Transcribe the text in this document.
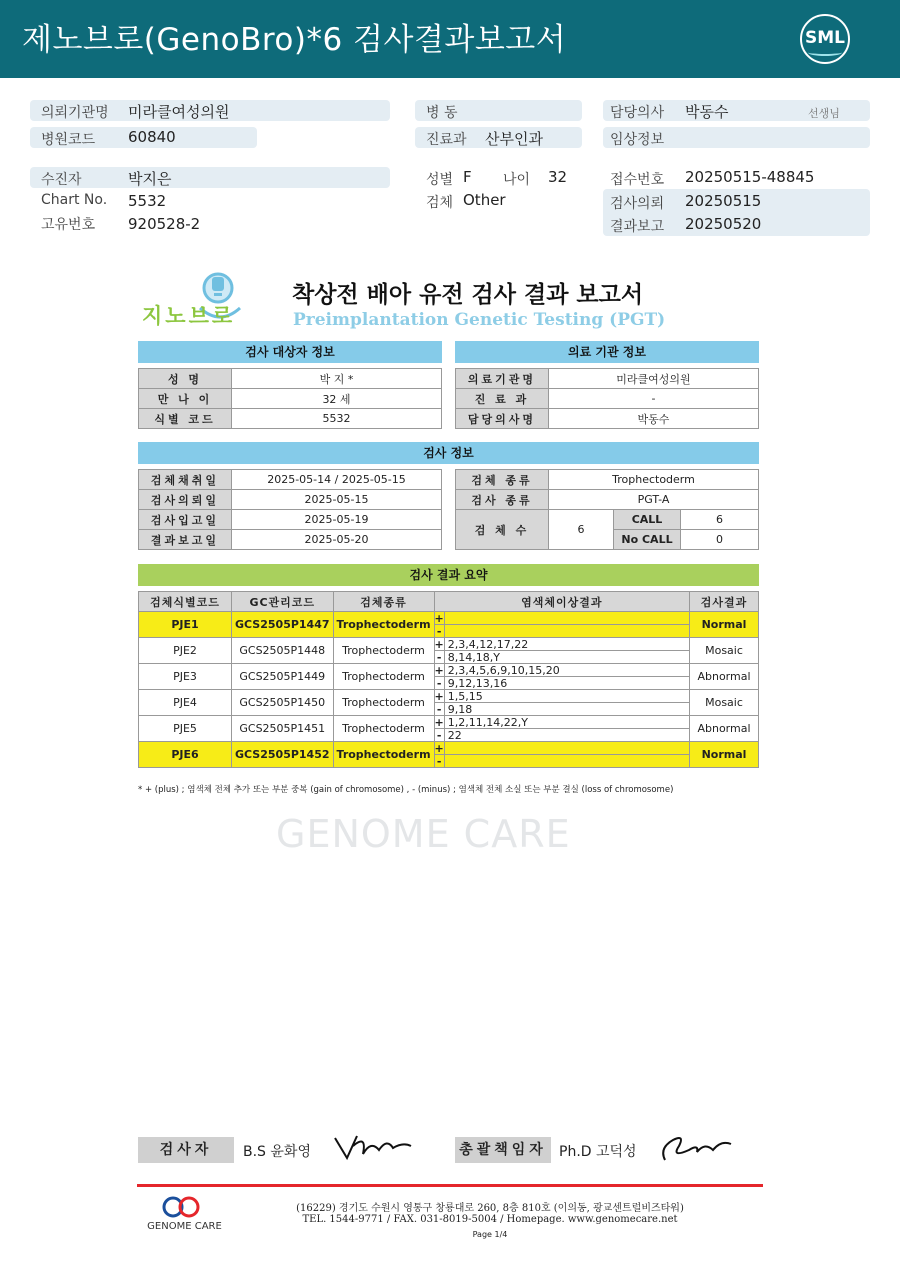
제노브로(GenoBro)*6 검사결과보고서	SML
의뢰기관명 미라클여성의원
병원코드 60840
수진자	박지은
Chart No. 5532
고유번호 920528-2
병 동
진료과 산부인과
성별 F 나이 32
검체 Other
담당의사 박동수	선생님
임상정보
접수번호 20250515-48845
검사의뢰 20250515
결과보고 20250520
지노브로
착상전 배아 유전 검사 결과 보고서
Preimplantation Genetic Testing (PGT)
검사 대상자 정보	의료 기관 정보
성 명	박 지 *
만 나 이	32 세
식별 코드	5532
의료기관명	미라클여성의원
진 료 과	-
담당의사명	박동수
검사 정보
검체채취일	2025-05-14 / 2025-05-15
검사의뢰일	2025-05-15
검사입고일	2025-05-19
결과보고일	2025-05-20
검체 종류	Trophectoderm		
검사 종류	PGT-A		
검 체 수	6	CALL	6
		No CALL	0
검사 결과 요약
검체식별코드	GC관리코드	검체종류	염색체이상결과		검사결과
PJE1	GCS2505P1447	Trophectoderm	+		Normal
			-		
PJE2	GCS2505P1448	Trophectoderm	+	2,3,4,12,17,22	Mosaic
			-	8,14,18,Y	
PJE3	GCS2505P1449	Trophectoderm	+	2,3,4,5,6,9,10,15,20	Abnormal
			-	9,12,13,16	
PJE4	GCS2505P1450	Trophectoderm	+	1,5,15	Mosaic
			-	9,18	
PJE5	GCS2505P1451	Trophectoderm	+	1,2,11,14,22,Y	Abnormal
			-	22	
PJE6	GCS2505P1452	Trophectoderm	+		Normal
			-		
* + (plus) ; 염색체 전체 추가 또는 부분 중복 (gain of chromosome) , - (minus) ; 염색체 전체 소실 또는 부분 결실 (loss of chromosome)
GENOME CARE
검사자	B.S 윤화영	총괄책임자 Ph.D 고덕성
GENOME CARE
(16229) 경기도 수원시 영통구 창룡대로 260, 8층 810호 (이의동, 광교센트럴비즈타워)
TEL. 1544-9771 / FAX. 031-8019-5004 / Homepage. www.genomecare.net
Page 1/4
